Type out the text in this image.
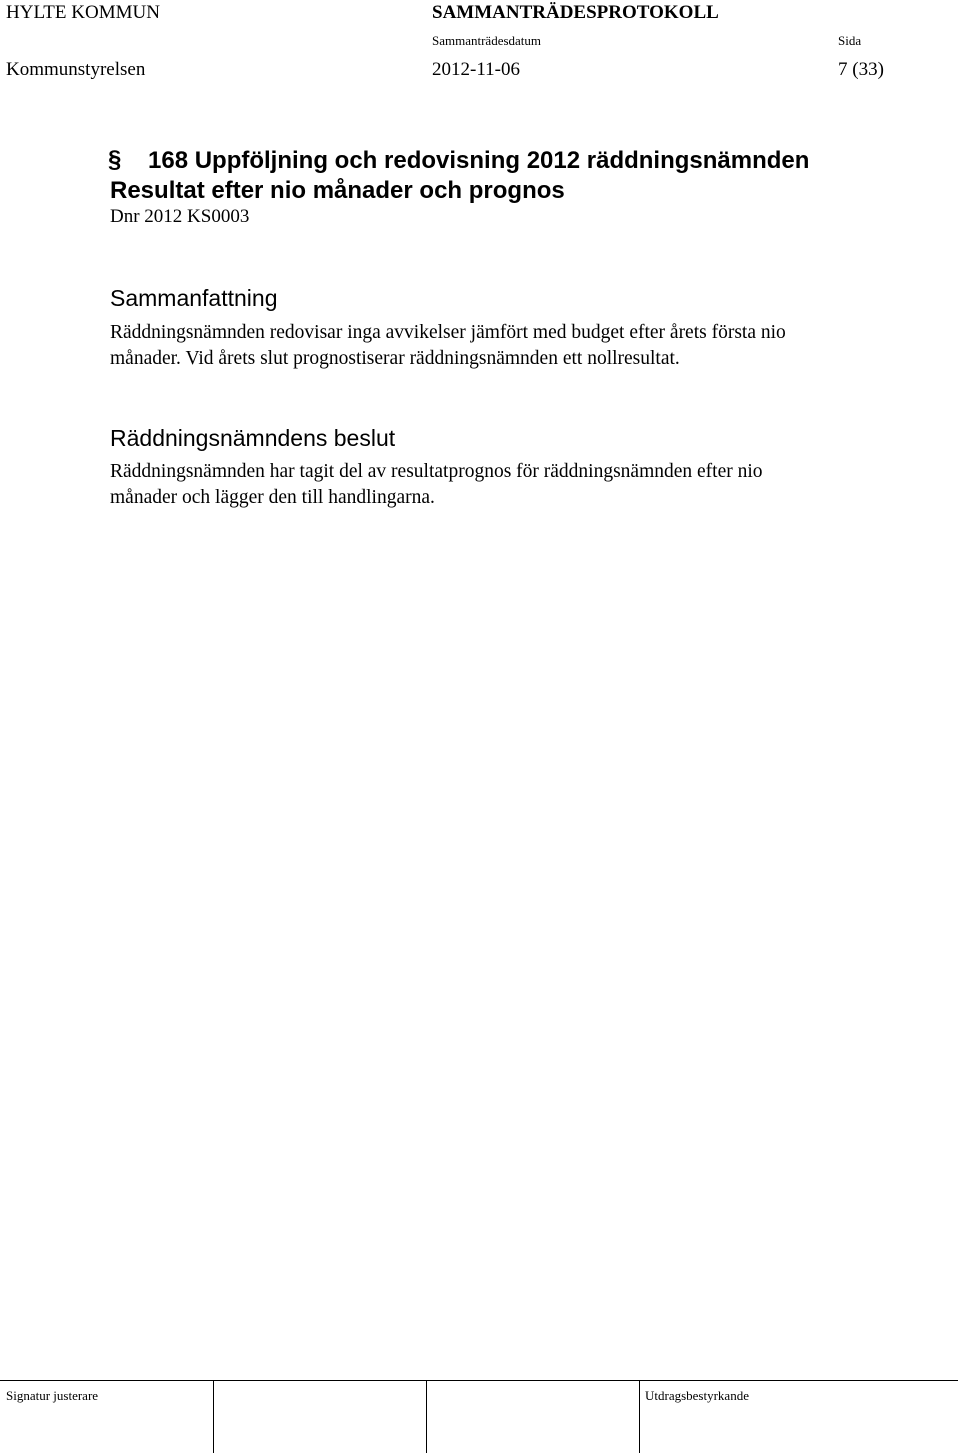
HYLTE KOMMUN	SAMMANTRÄDESPROTOKOLL
Sammanträdesdatum	Sida
Kommunstyrelsen	2012-11-06	7 (33)
§ 168 Uppföljning och redovisning 2012 räddningsnämnden
Resultat efter nio månader och prognos
Dnr 2012 KS0003
Sammanfattning
Räddningsnämnden redovisar inga avvikelser jämfört med budget efter årets första nio
månader. Vid årets slut prognostiserar räddningsnämnden ett nollresultat.
Räddningsnämndens beslut
Räddningsnämnden har tagit del av resultatprognos för räddningsnämnden efter nio
månader och lägger den till handlingarna.
Signatur justerare	Utdragsbestyrkande
